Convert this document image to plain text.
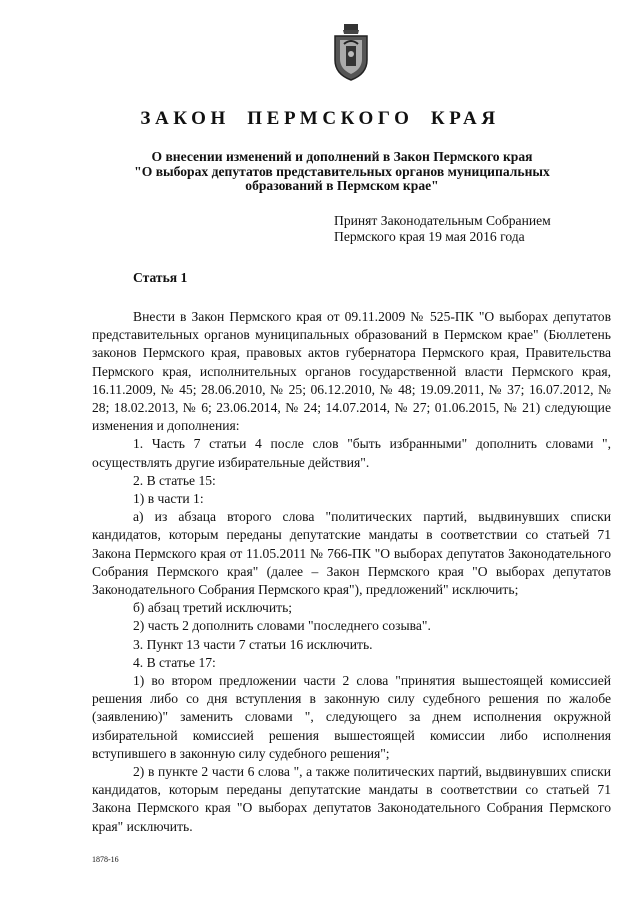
ЗАКОН ПЕРМСКОГО КРАЯ
О внесении изменений и дополнений в Закон Пермского края
"О выборах депутатов представительных органов муниципальных
образований в Пермском крае"
Принят Законодательным Собранием
Пермского края 19 мая 2016 года
Статья 1

Внести в Закон Пермского края от 09.11.2009 № 525-ПК "О выборах депутатов представительных органов муниципальных образований в Пермском крае" (Бюллетень законов Пермского края, правовых актов губернатора Пермского края, Правительства Пермского края, исполнительных органов государственной власти Пермского края, 16.11.2009, № 45; 28.06.2010, № 25; 06.12.2010, № 48; 19.09.2011, № 37; 16.07.2012, № 28; 18.02.2013, № 6; 23.06.2014, № 24; 14.07.2014, № 27; 01.06.2015, № 21) следующие изменения и дополнения:

1. Часть 7 статьи 4 после слов "быть избранными" дополнить словами ", осуществлять другие избирательные действия".

2. В статье 15:

1) в части 1:

а) из абзаца второго слова "политических партий, выдвинувших списки кандидатов, которым переданы депутатские мандаты в соответствии со статьей 71 Закона Пермского края от 11.05.2011 № 766-ПК "О выборах депутатов Законодательного Собрания Пермского края" (далее – Закон Пермского края "О выборах депутатов Законодательного Собрания Пермского края"), предложений" исключить;

б) абзац третий исключить;

2) часть 2 дополнить словами "последнего созыва".

3. Пункт 13 части 7 статьи 16 исключить.

4. В статье 17:

1) во втором предложении части 2 слова "принятия вышестоящей комиссией решения либо со дня вступления в законную силу судебного решения по жалобе (заявлению)" заменить словами ", следующего за днем исполнения окружной избирательной комиссией решения вышестоящей комиссии либо исполнения вступившего в законную силу судебного решения";

2) в пункте 2 части 6 слова ", а также политических партий, выдвинувших списки кандидатов, которым переданы депутатские мандаты в соответствии со статьей 71 Закона Пермского края "О выборах депутатов Законодательного Собрания Пермского края" исключить.

1878-16
